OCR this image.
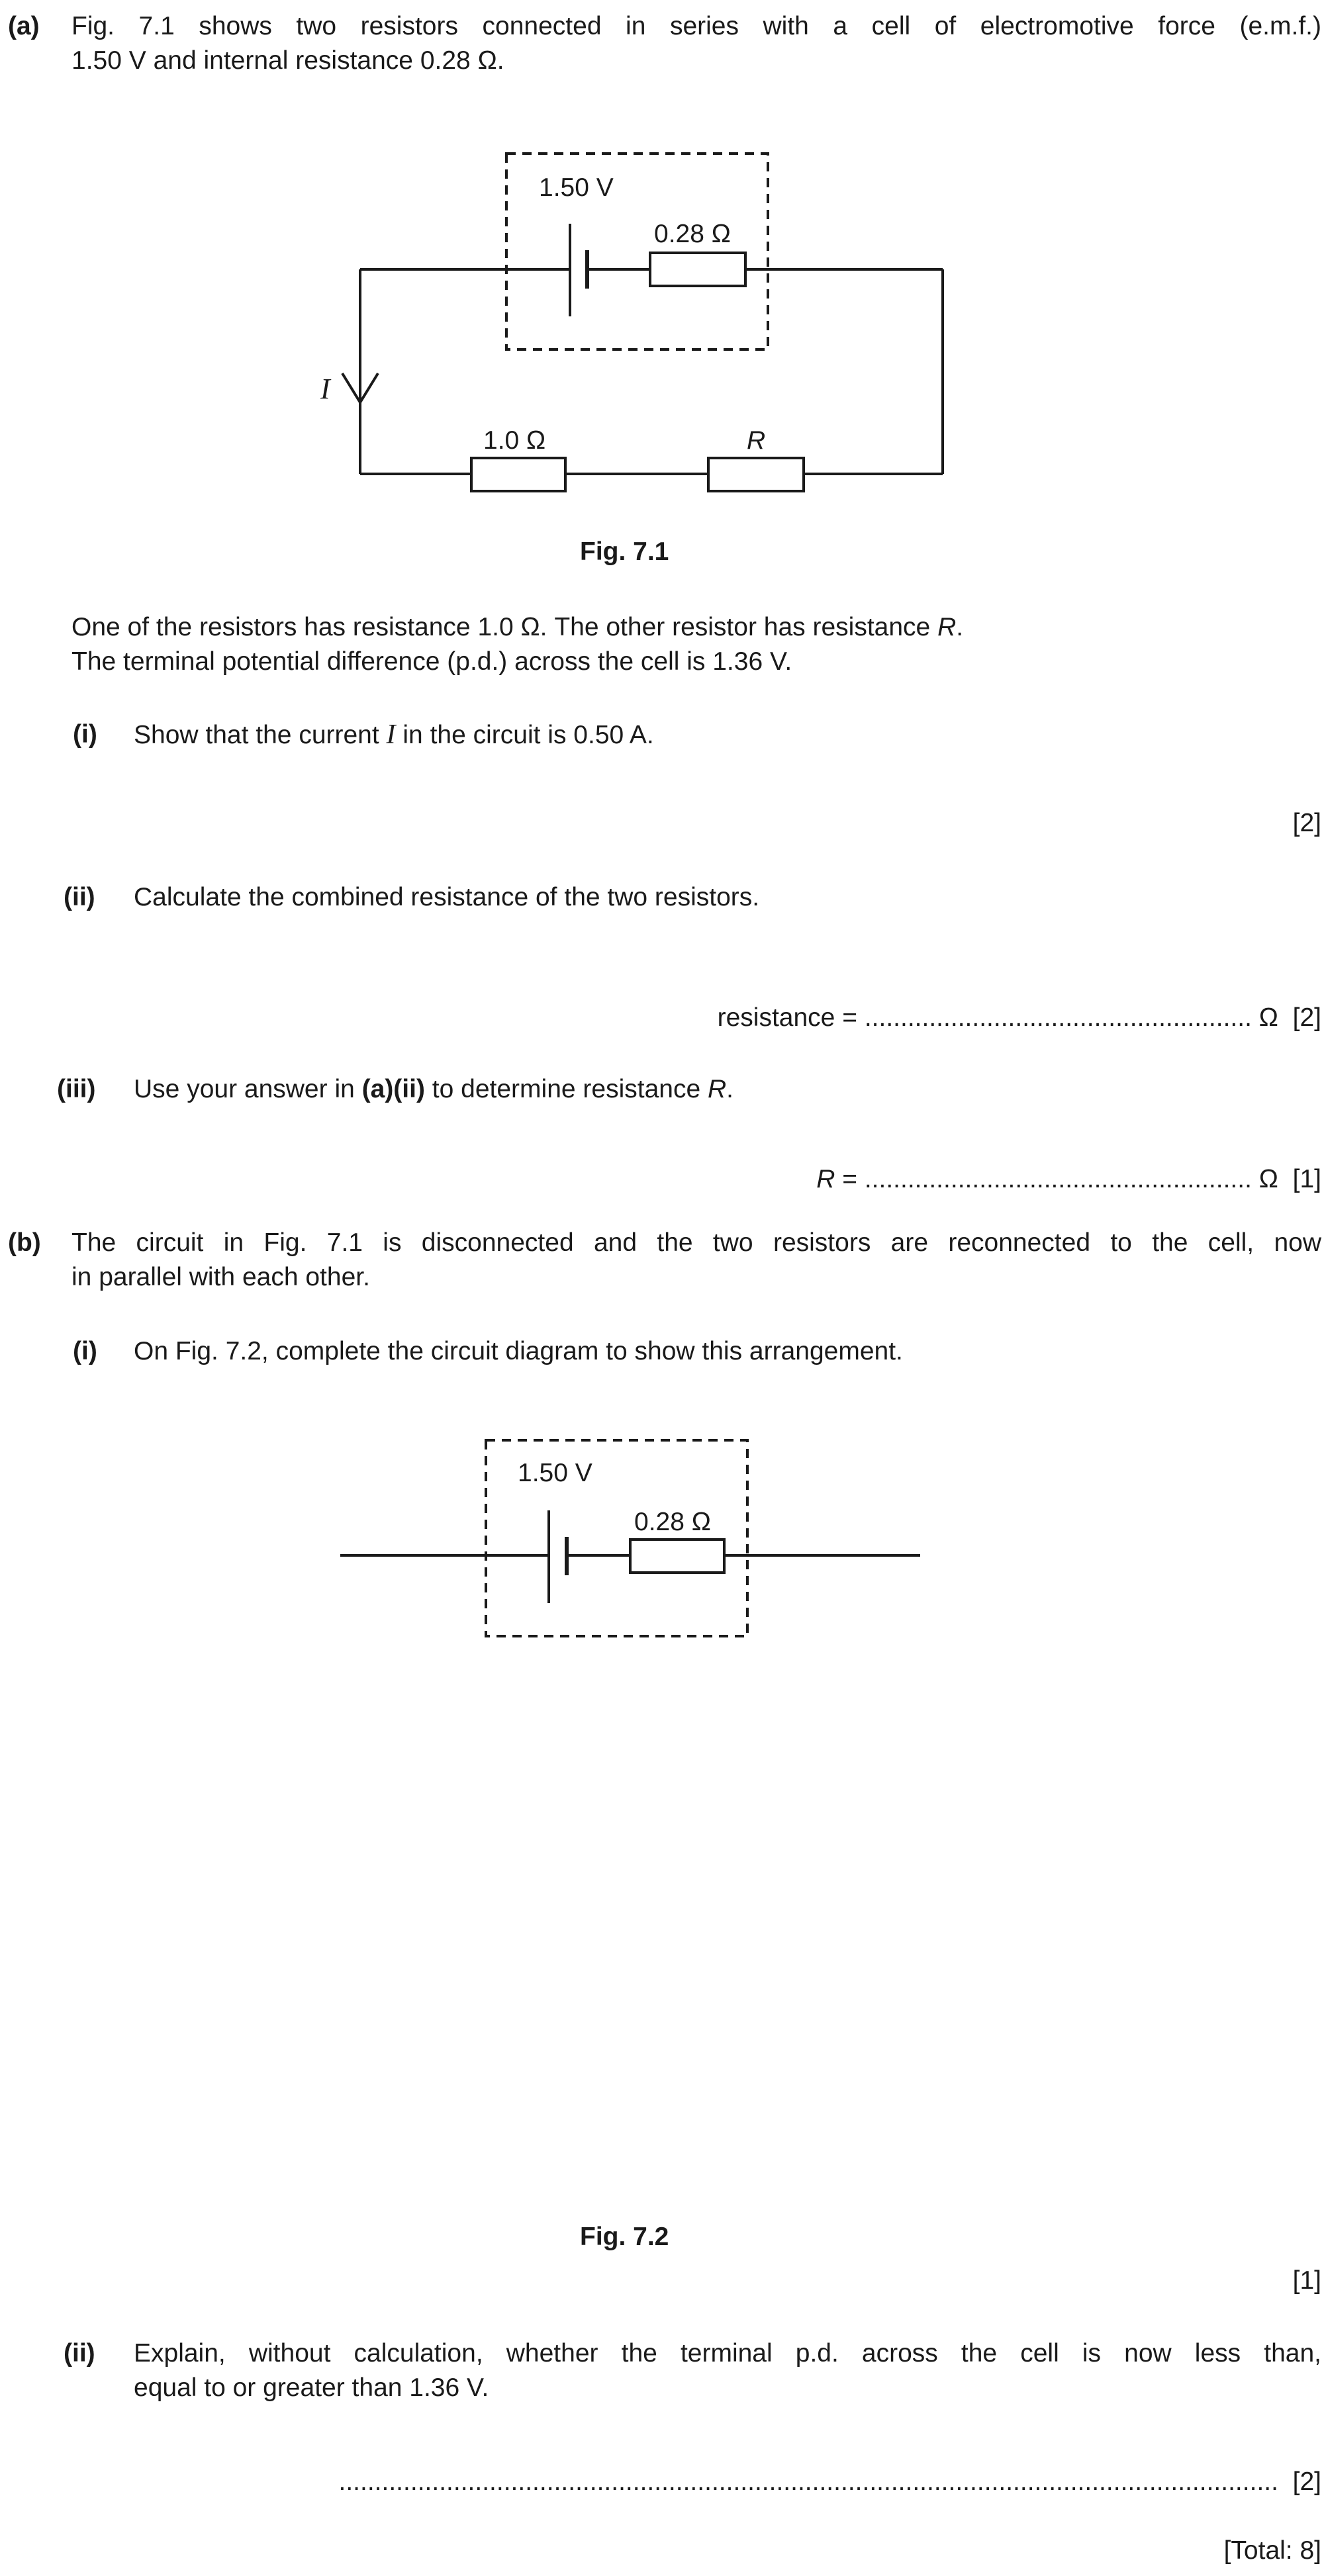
(a) Fig. 7.1 shows two resistors connected in series with a cell of electromotive force (e.m.f.)
1.50 V and internal resistance 0.28 Ω.
1.50 V
0.28 Ω
I
1.0 Ω	R
Fig. 7.1
One of the resistors has resistance 1.0 Ω. The other resistor has resistance R.
The terminal potential difference (p.d.) across the cell is 1.36 V.
(i) Show that the current I in the circuit is 0.50 A.
[2]
(ii) Calculate the combined resistance of the two resistors.
resistance = ...................................................... Ω [2]
(iii) Use your answer in (a)(ii) to determine resistance R.
R = ...................................................... Ω [1]
(b) The circuit in Fig. 7.1 is disconnected and the two resistors are reconnected to the cell, now
in parallel with each other.
(i) On Fig. 7.2, complete the circuit diagram to show this arrangement.
1.50 V
0.28 Ω
Fig. 7.2
[1]
(ii) Explain, without calculation, whether the terminal p.d. across the cell is now less than,
equal to or greater than 1.36 V.
................................................................................................................................... [2]
[Total: 8]
